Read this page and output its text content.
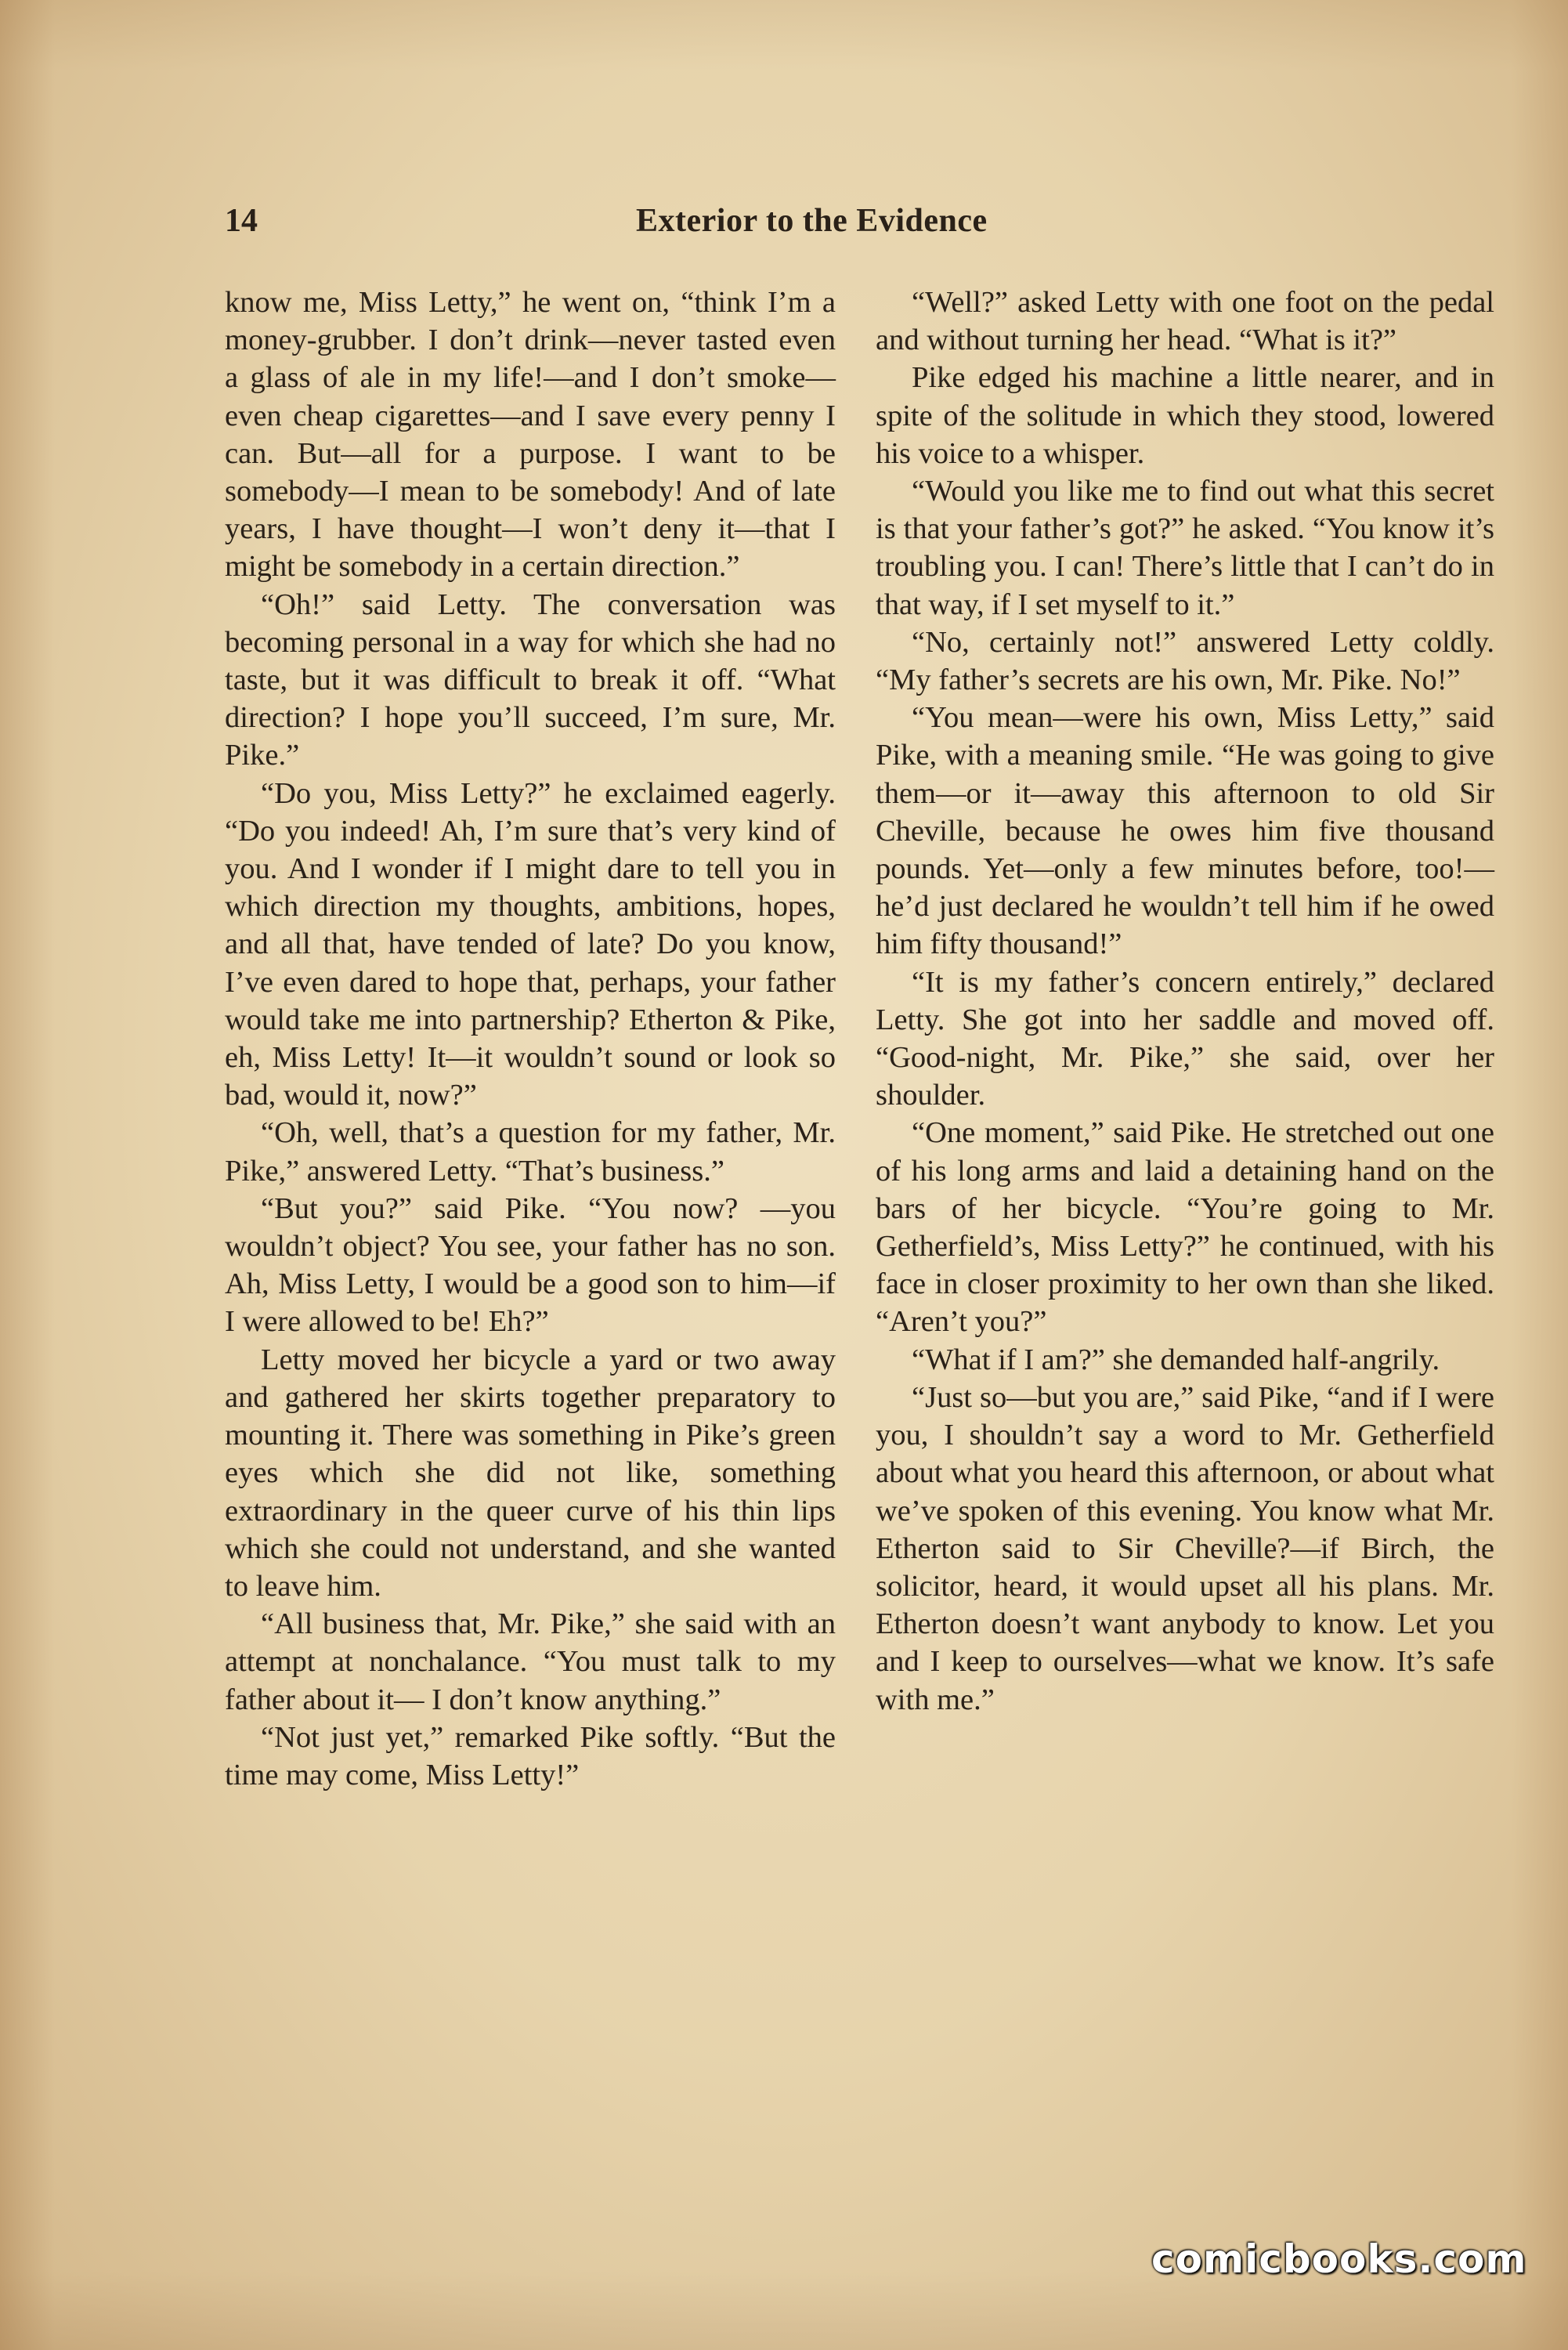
14	Exterior to the Evidence

know me, Miss Letty,” he went on, “think I’m a money-grubber. I don’t drink—never tasted even a glass of ale in my life!—and I don’t smoke—even cheap cigarettes—and I save every penny I can. But—all for a purpose. I want to be somebody—I mean to be somebody! And of late years, I have thought—I won’t deny it—that I might be somebody in a certain direction.”

“Oh!” said Letty. The conversation was becoming personal in a way for which she had no taste, but it was difficult to break it off. “What direction? I hope you’ll succeed, I’m sure, Mr. Pike.”

“Do you, Miss Letty?” he exclaimed eagerly. “Do you indeed! Ah, I’m sure that’s very kind of you. And I wonder if I might dare to tell you in which direction my thoughts, ambitions, hopes, and all that, have tended of late? Do you know, I’ve even dared to hope that, perhaps, your father would take me into partnership? Etherton & Pike, eh, Miss Letty! It—it wouldn’t sound or look so bad, would it, now?”

“Oh, well, that’s a question for my father, Mr. Pike,” answered Letty. “That’s business.”

“But you?” said Pike. “You now? —you wouldn’t object? You see, your father has no son. Ah, Miss Letty, I would be a good son to him—if I were allowed to be! Eh?”

Letty moved her bicycle a yard or two away and gathered her skirts together preparatory to mounting it. There was something in Pike’s green eyes which she did not like, something extraordinary in the queer curve of his thin lips which she could not understand, and she wanted to leave him.

“All business that, Mr. Pike,” she said with an attempt at nonchalance. “You must talk to my father about it— I don’t know anything.”

“Not just yet,” remarked Pike softly. “But the time may come, Miss Letty!”

“Well?” asked Letty with one foot on the pedal and without turning her head. “What is it?”

Pike edged his machine a little nearer, and in spite of the solitude in which they stood, lowered his voice to a whisper.

“Would you like me to find out what this secret is that your father’s got?” he asked. “You know it’s troubling you. I can! There’s little that I can’t do in that way, if I set myself to it.”

“No, certainly not!” answered Letty coldly. “My father’s secrets are his own, Mr. Pike. No!”

“You mean—were his own, Miss Letty,” said Pike, with a meaning smile. “He was going to give them—or it—away this afternoon to old Sir Cheville, because he owes him five thousand pounds. Yet—only a few minutes before, too!—he’d just declared he wouldn’t tell him if he owed him fifty thousand!”

“It is my father’s concern entirely,” declared Letty. She got into her saddle and moved off. “Good-night, Mr. Pike,” she said, over her shoulder.

“One moment,” said Pike. He stretched out one of his long arms and laid a detaining hand on the bars of her bicycle. “You’re going to Mr. Getherfield’s, Miss Letty?” he continued, with his face in closer proximity to her own than she liked. “Aren’t you?”

“What if I am?” she demanded half-angrily.

“Just so—but you are,” said Pike, “and if I were you, I shouldn’t say a word to Mr. Getherfield about what you heard this afternoon, or about what we’ve spoken of this evening. You know what Mr. Etherton said to Sir Cheville?—if Birch, the solicitor, heard, it would upset all his plans. Mr. Etherton doesn’t want anybody to know. Let you and I keep to ourselves—what we know. It’s safe with me.”

comicbooks.com
